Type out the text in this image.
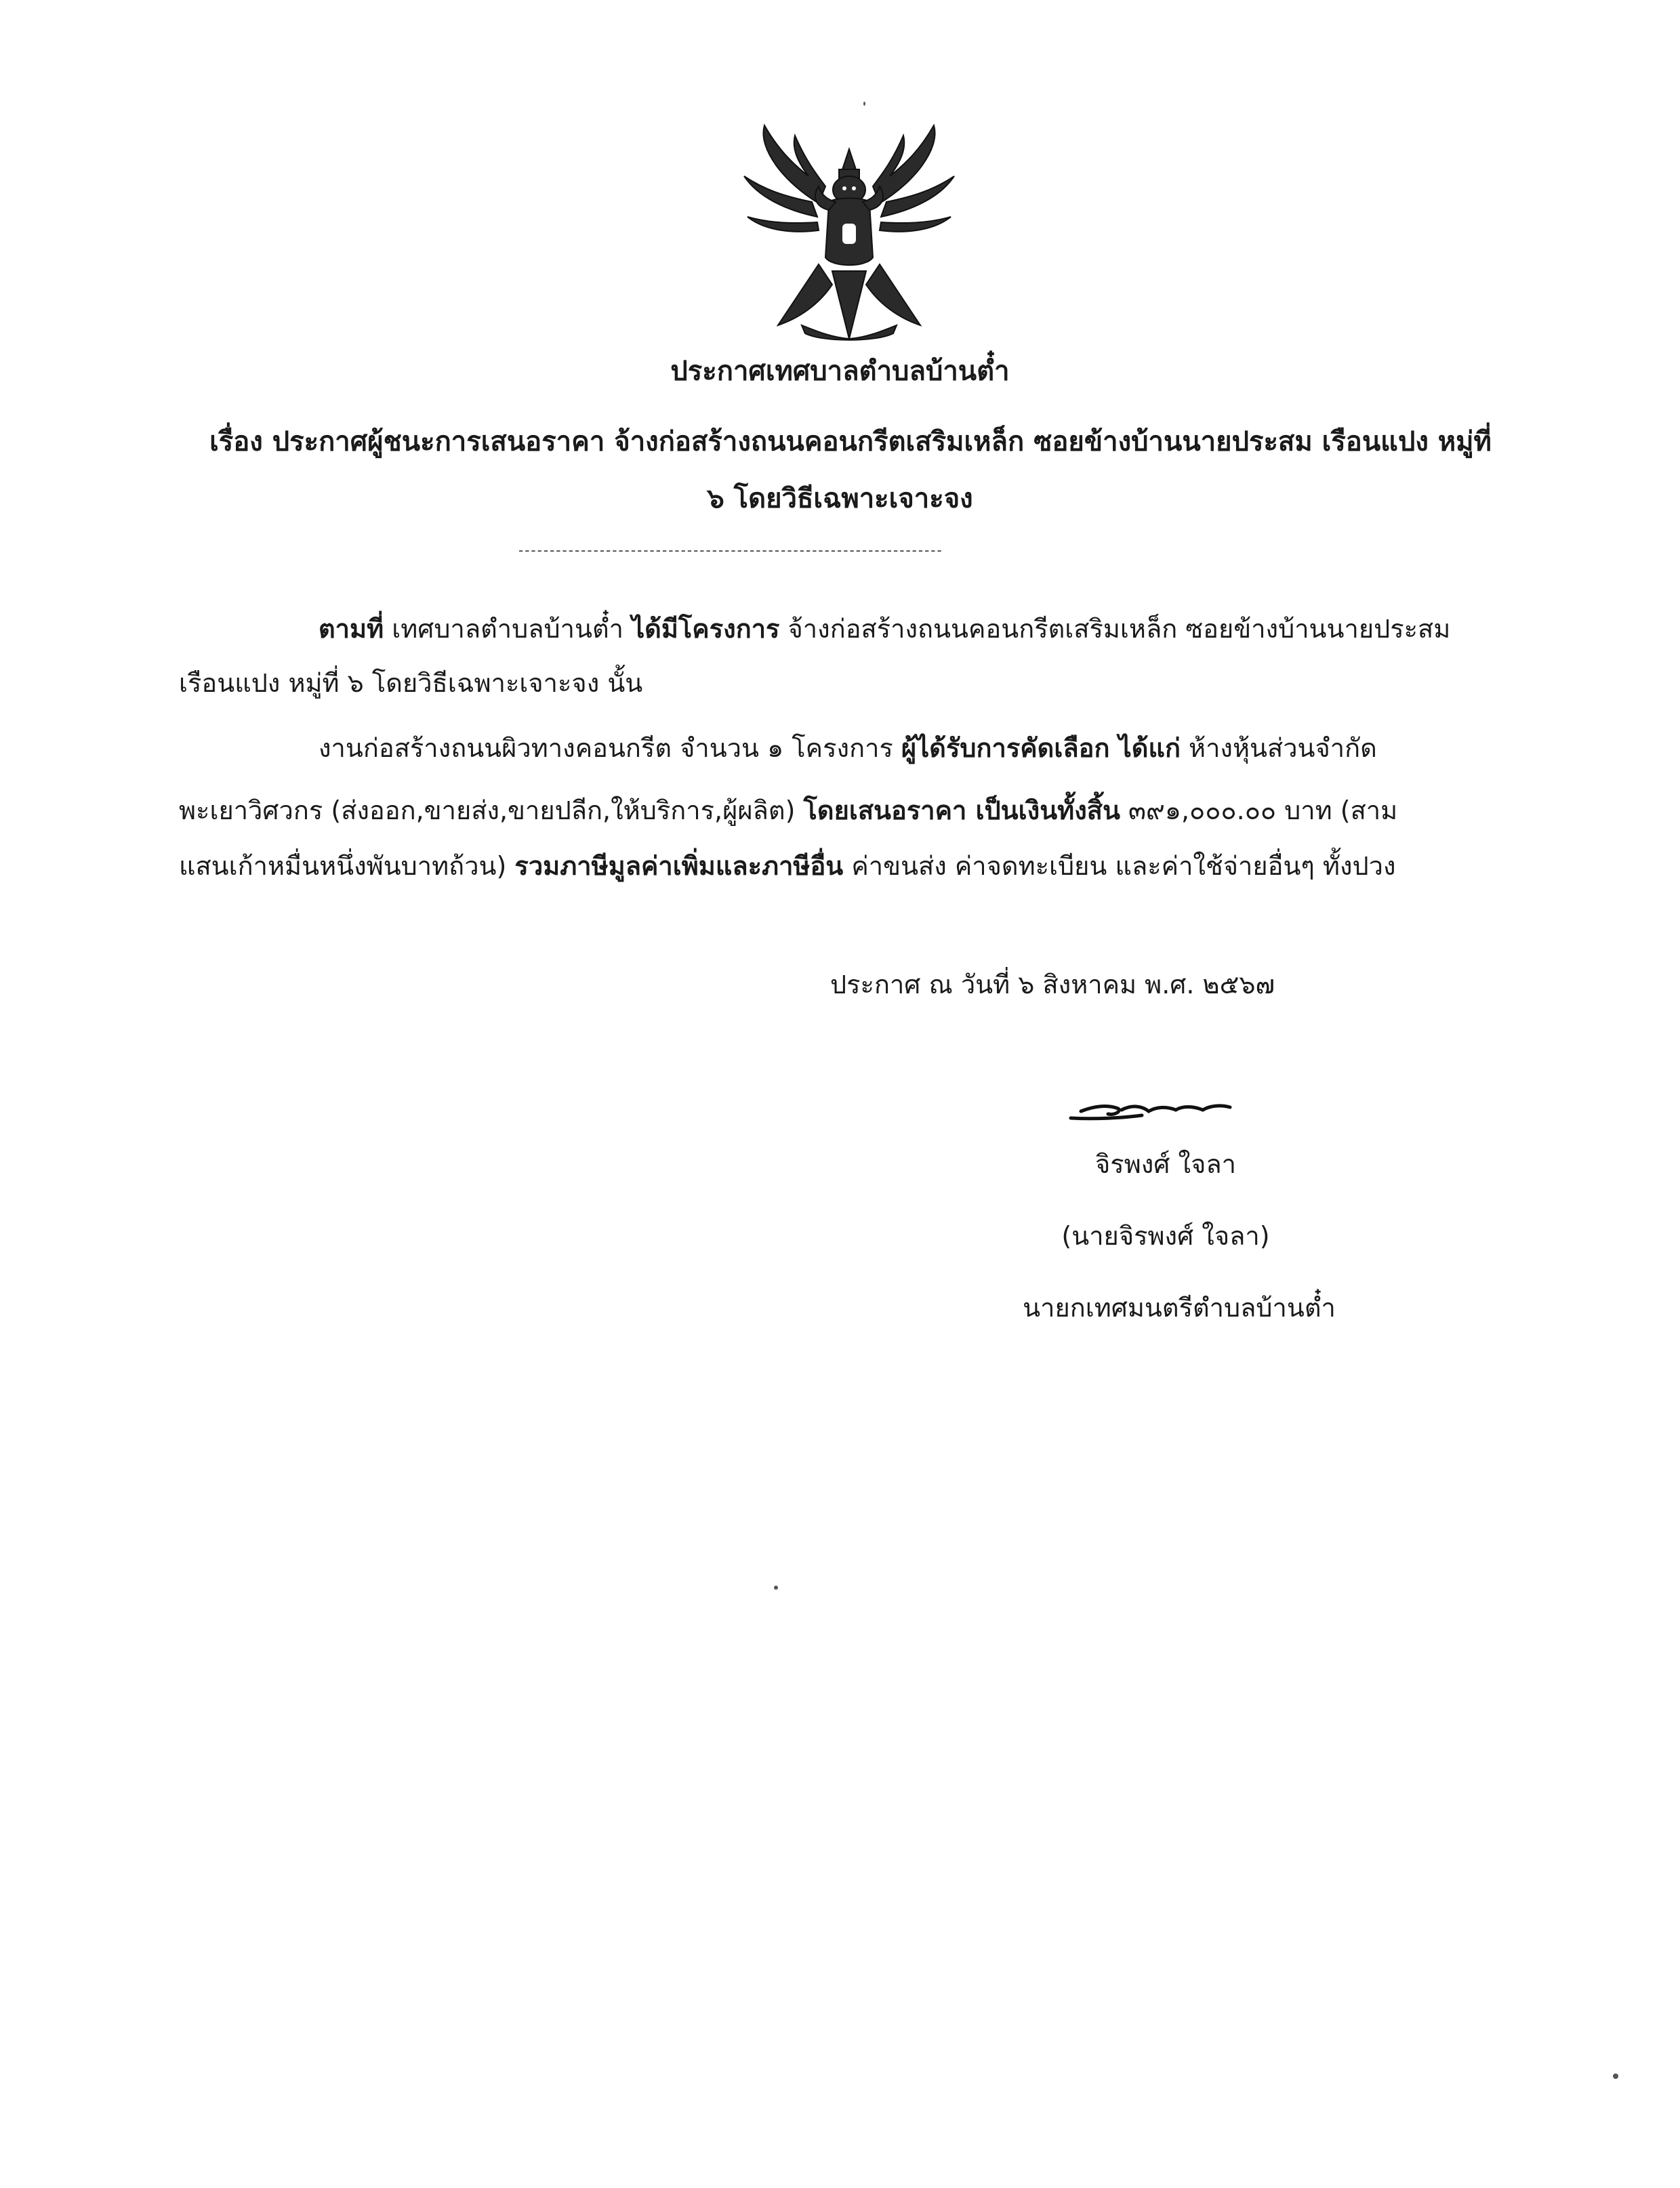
ประกาศเทศบาลตำบลบ้านต๋ำ
เรื่อง ประกาศผู้ชนะการเสนอราคา จ้างก่อสร้างถนนคอนกรีตเสริมเหล็ก ซอยข้างบ้านนายประสม เรือนแปง หมู่ที่
๖ โดยวิธีเฉพาะเจาะจง
ตามที่ เทศบาลตำบลบ้านต๋ำ ได้มีโครงการ จ้างก่อสร้างถนนคอนกรีตเสริมเหล็ก ซอยข้างบ้านนายประสม
เรือนแปง หมู่ที่ ๖ โดยวิธีเฉพาะเจาะจง นั้น
งานก่อสร้างถนนผิวทางคอนกรีต จำนวน ๑ โครงการ ผู้ได้รับการคัดเลือก ได้แก่ ห้างหุ้นส่วนจำกัด
พะเยาวิศวกร (ส่งออก,ขายส่ง,ขายปลีก,ให้บริการ,ผู้ผลิต) โดยเสนอราคา เป็นเงินทั้งสิ้น ๓๙๑,๐๐๐.๐๐ บาท (สาม
แสนเก้าหมื่นหนึ่งพันบาทถ้วน) รวมภาษีมูลค่าเพิ่มและภาษีอื่น ค่าขนส่ง ค่าจดทะเบียน และค่าใช้จ่ายอื่นๆ ทั้งปวง
ประกาศ ณ วันที่ ๖ สิงหาคม พ.ศ. ๒๕๖๗
จิรพงศ์ ใจลา
(นายจิรพงศ์ ใจลา)
นายกเทศมนตรีตำบลบ้านต๋ำ
--------------------------------------------------------------------
